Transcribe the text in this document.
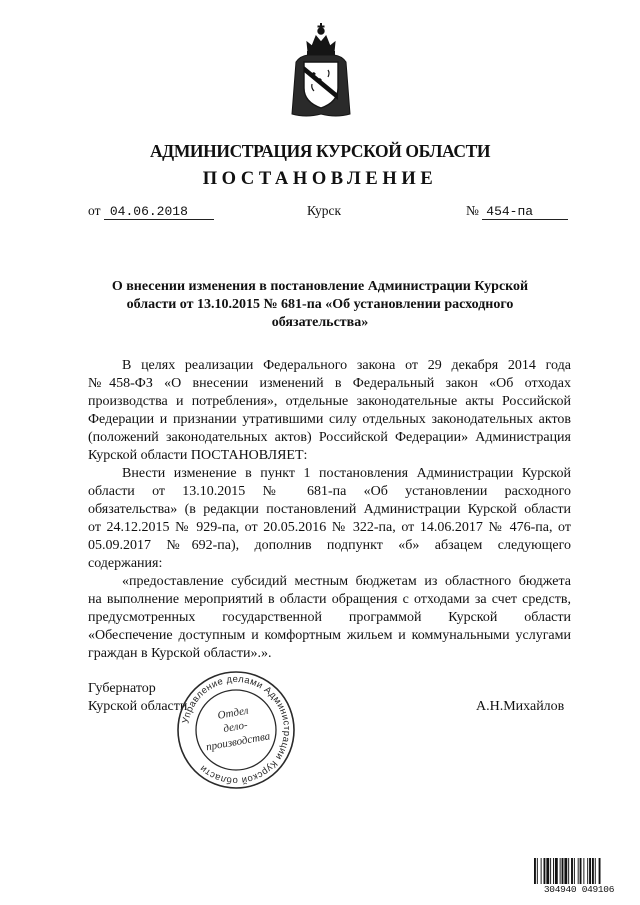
АДМИНИСТРАЦИЯ КУРСКОЙ ОБЛАСТИ
ПОСТАНОВЛЕНИЕ
от 04.06.2018	Курск	№ 454-па
О внесении изменения в постановление Администрации Курской
области от 13.10.2015 № 681-па «Об установлении расходного
обязательства»
В целях реализации Федерального закона от 29 декабря 2014 года
№458-ФЗ «О внесении изменений в Федеральный закон «Об отходах
производства и потребления», отдельные законодательные акты Российской
Федерации и признании утратившими силу отдельных законодательных актов
(положений законодательных актов) Российской Федерации» Администрация
Курской области ПОСТАНОВЛЯЕТ:
Внести изменение в пункт 1 постановления Администрации Курской
области от 13.10.2015 № 681-па «Об установлении расходного
обязательства» (в редакции постановлений Администрации Курской области
от 24.12.2015 № 929-па, от 20.05.2016 № 322-па, от 14.06.2017 № 476-па, от
05.09.2017 №692-па), дополнив подпункт «б» абзацем следующего
содержания:
«предоставление субсидий местным бюджетам из областного бюджета
на выполнение мероприятий в области обращения с отходами за счет средств,
предусмотренных государственной программой Курской области
«Обеспечение доступным и комфортным жильем и коммунальными услугами
граждан в Курской области».».
Губернатор
Курской области	А.Н.Михайлов
Управление делами Администрации Курской области
Отдел
дело-
производства
304940 049106
